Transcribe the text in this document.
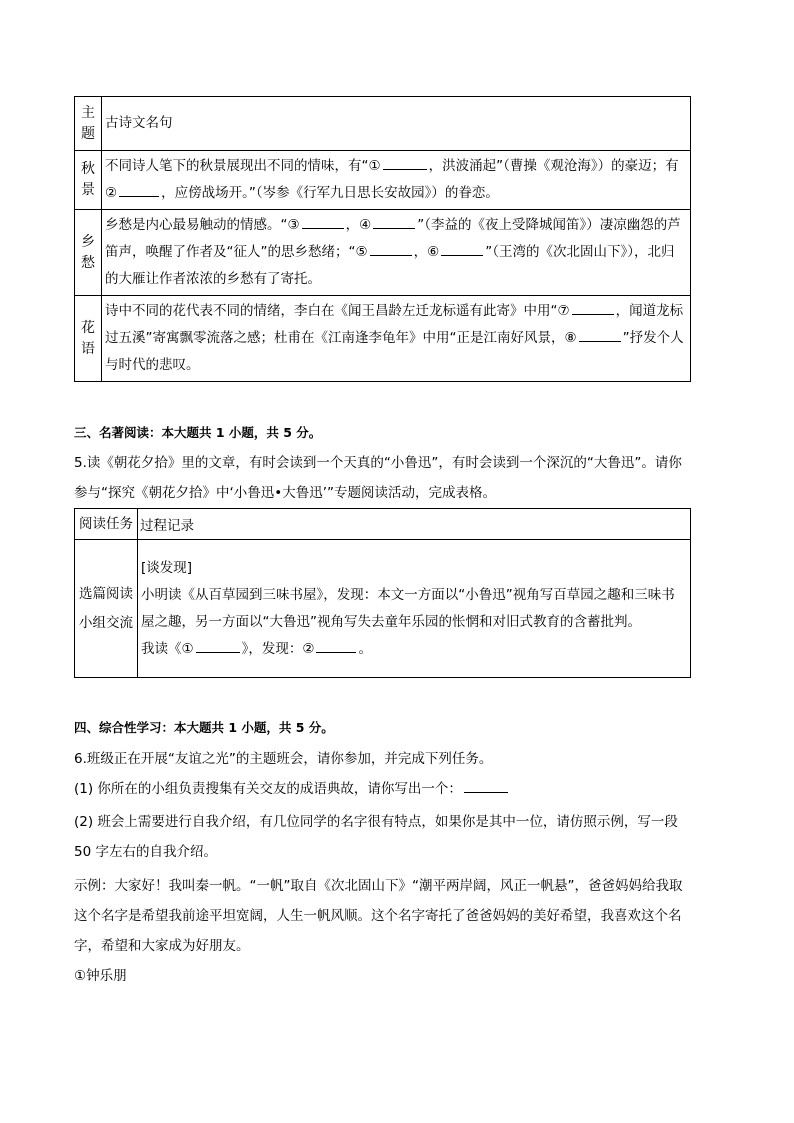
主
题	古诗文名句
秋
景	不同诗人笔下的秋景展现出不同的情味，有“① ，洪波涌起”（曹操《观沧海》）的豪迈；有② ，应傍战场开。”（岑参《行军九日思长安故园》）的眷恋。
乡
愁	乡愁是内心最易触动的情感。“③ ，④ ”（李益的《夜上受降城闻笛》）凄凉幽怨的芦笛声，唤醒了作者及“征人”的思乡愁绪；“⑤ ，⑥ ”（王湾的《次北固山下》），北归的大雁让作者浓浓的乡愁有了寄托。
花
语	诗中不同的花代表不同的情绪，李白在《闻王昌龄左迁龙标遥有此寄》中用“⑦ ，闻道龙标过五溪”寄寓飘零流落之感；杜甫在《江南逢李龟年》中用“正是江南好风景，⑧ ”抒发个人与时代的悲叹。
三、名著阅读：本大题共 1 小题，共 5 分。
5.读《朝花夕拾》里的文章，有时会读到一个天真的“小鲁迅”，有时会读到一个深沉的“大鲁迅”。请你参与“探究《朝花夕拾》中‘小鲁迅•大鲁迅’”专题阅读活动，完成表格。
阅读任务	过程记录
选篇阅读小组交流	[谈发现]
小明读《从百草园到三味书屋》，发现：本文一方面以“小鲁迅”视角写百草园之趣和三味书屋之趣，另一方面以“大鲁迅”视角写失去童年乐园的怅惘和对旧式教育的含蓄批判。
我读《① 》，发现：② 。
四、综合性学习：本大题共 1 小题，共 5 分。
6.班级正在开展“友谊之光”的主题班会，请你参加，并完成下列任务。
(1) 你所在的小组负责搜集有关交友的成语典故，请你写出一个：
(2) 班会上需要进行自我介绍，有几位同学的名字很有特点，如果你是其中一位，请仿照示例，写一段 50 字左右的自我介绍。
示例：大家好！我叫秦一帆。“一帆”取自《次北固山下》“潮平两岸阔，风正一帆悬”，爸爸妈妈给我取这个名字是希望我前途平坦宽阔，人生一帆风顺。这个名字寄托了爸爸妈妈的美好希望，我喜欢这个名字，希望和大家成为好朋友。
①钟乐朋
